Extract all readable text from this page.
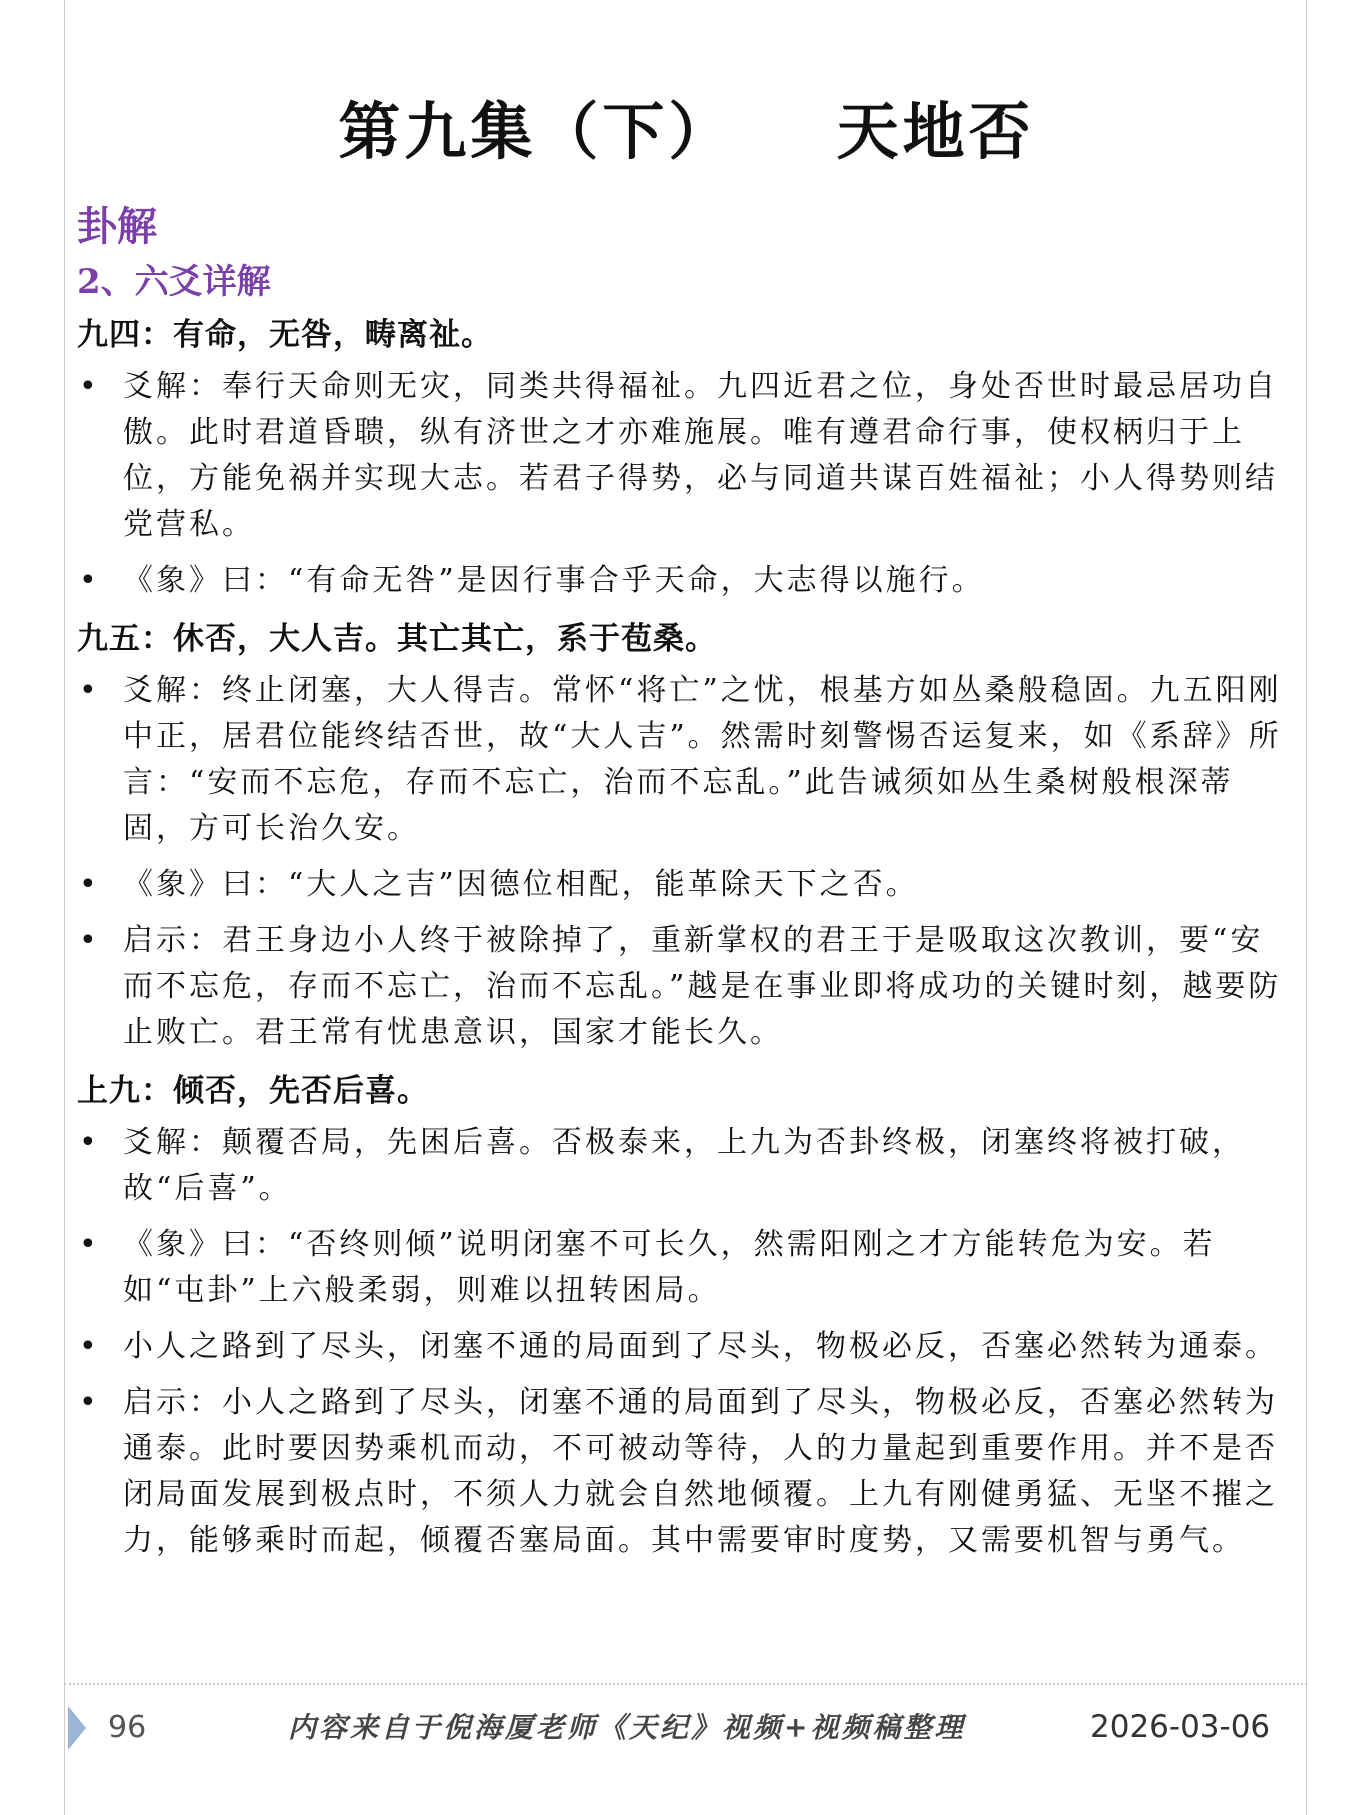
第九集（下）    天地否
卦解
2、六爻详解

九四：有命，无咎，畴离祉。

• 爻解：奉行天命则无灾，同类共得福祉。九四近君之位，身处否世时最忌居功自傲。此时君道昏聩，纵有济世之才亦难施展。唯有遵君命行事，使权柄归于上位，方能免祸并实现大志。若君子得势，必与同道共谋百姓福祉；小人得势则结党营私。
• 《象》曰：“有命无咎”是因行事合乎天命，大志得以施行。

九五：休否，大人吉。其亡其亡，系于苞桑。

• 爻解：终止闭塞，大人得吉。常怀“将亡”之忧，根基方如丛桑般稳固。九五阳刚中正，居君位能终结否世，故“大人吉”。然需时刻警惕否运复来，如《系辞》所言：“安而不忘危，存而不忘亡，治而不忘乱。”此告诫须如丛生桑树般根深蒂固，方可长治久安。
• 《象》曰：“大人之吉”因德位相配，能革除天下之否。
• 启示：君王身边小人终于被除掉了，重新掌权的君王于是吸取这次教训，要“安而不忘危，存而不忘亡，治而不忘乱。”越是在事业即将成功的关键时刻，越要防止败亡。君王常有忧患意识，国家才能长久。

上九：倾否，先否后喜。

• 爻解：颠覆否局，先困后喜。否极泰来，上九为否卦终极，闭塞终将被打破，故“后喜”。
• 《象》曰：“否终则倾”说明闭塞不可长久，然需阳刚之才方能转危为安。若如“屯卦”上六般柔弱，则难以扭转困局。
• 小人之路到了尽头，闭塞不通的局面到了尽头，物极必反，否塞必然转为通泰。
• 启示：小人之路到了尽头，闭塞不通的局面到了尽头，物极必反，否塞必然转为通泰。此时要因势乘机而动，不可被动等待，人的力量起到重要作用。并不是否闭局面发展到极点时，不须人力就会自然地倾覆。上九有刚健勇猛、无坚不摧之力，能够乘时而起，倾覆否塞局面。其中需要审时度势，又需要机智与勇气。
96	内容来自于倪海厦老师《天纪》视频+视频稿整理	2026-03-06
